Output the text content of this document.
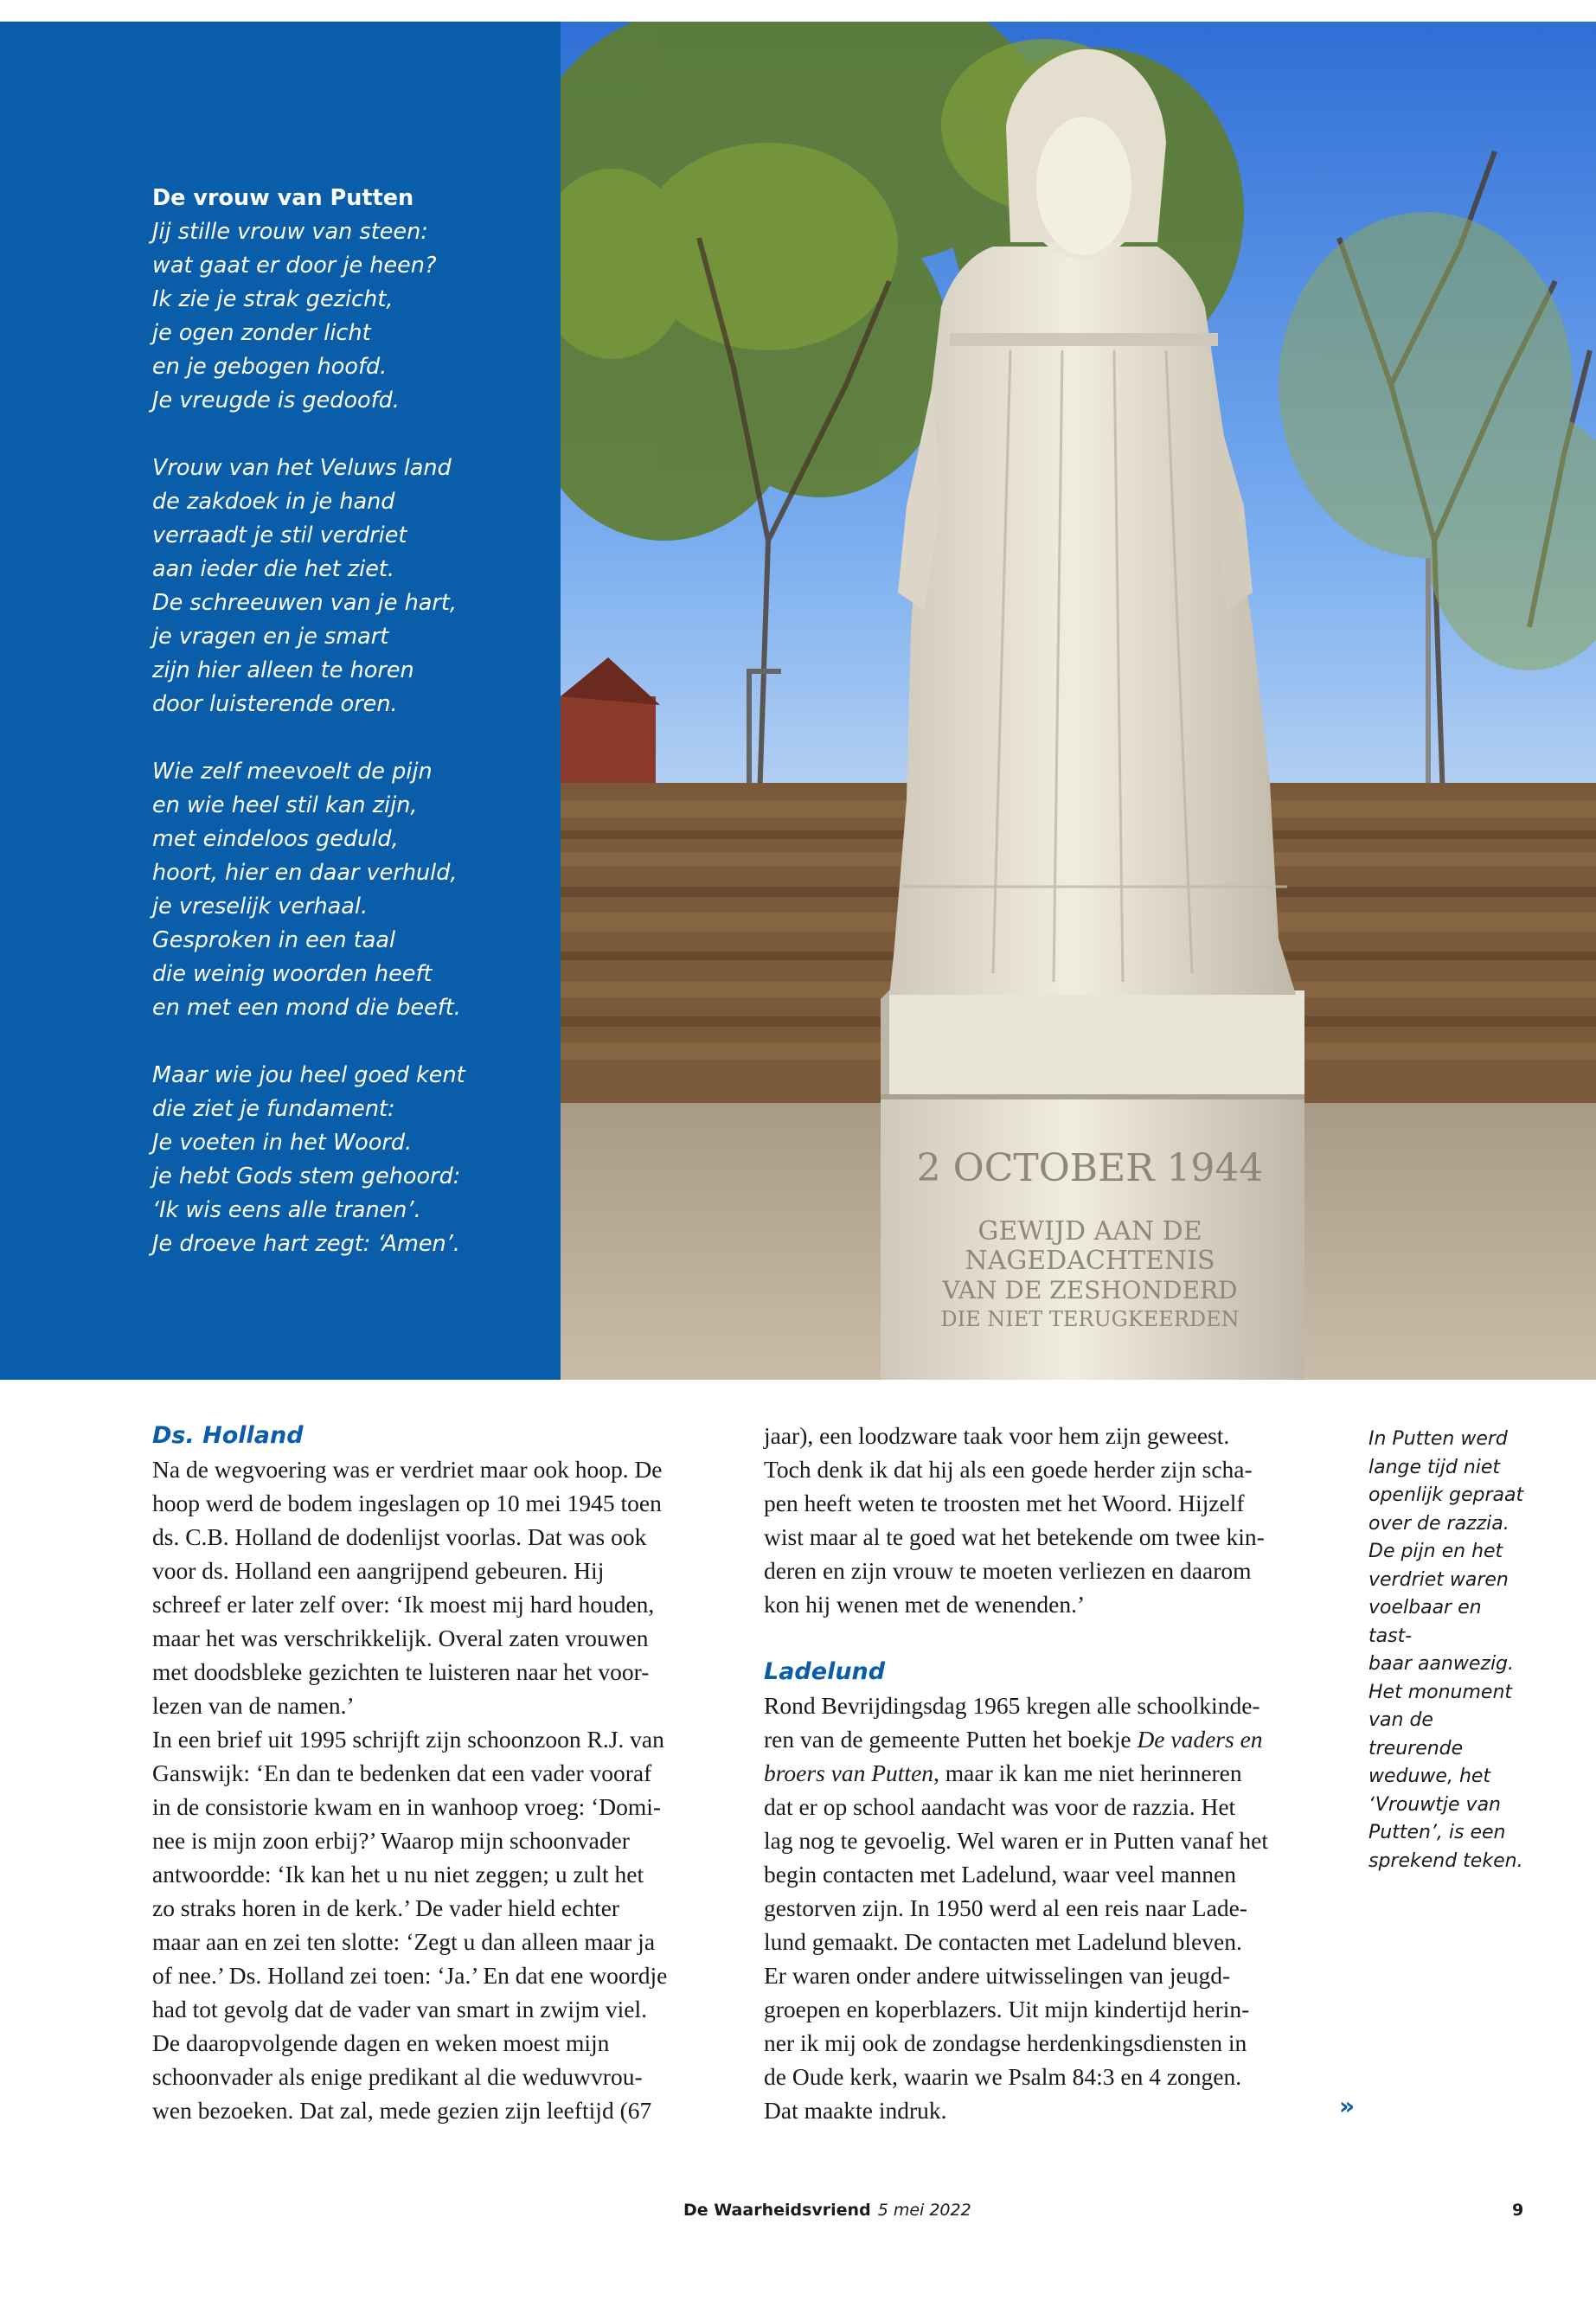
De vrouw van Putten
Jij stille vrouw van steen:
wat gaat er door je heen?
Ik zie je strak gezicht,
je ogen zonder licht
en je gebogen hoofd.
Je vreugde is gedoofd.
Vrouw van het Veluws land
de zakdoek in je hand
verraadt je stil verdriet
aan ieder die het ziet.
De schreeuwen van je hart,
je vragen en je smart
zijn hier alleen te horen
door luisterende oren.
Wie zelf meevoelt de pijn
en wie heel stil kan zijn,
met eindeloos geduld,
hoort, hier en daar verhuld,
je vreselijk verhaal.
Gesproken in een taal
die weinig woorden heeft
en met een mond die beeft.
Maar wie jou heel goed kent
die ziet je fundament:
Je voeten in het Woord.
je hebt Gods stem gehoord:
‘Ik wis eens alle tranen’.
Je droeve hart zegt: ‘Amen’.
2 OCTOBER 1944
GEWIJD AAN DE
NAGEDACHTENIS
VAN DE ZESHONDERD
DIE NIET TERUGKEERDEN
Ds. Holland
Na de wegvoering was er verdriet maar ook hoop. De
hoop werd de bodem ingeslagen op 10 mei 1945 toen
ds. C.B. Holland de dodenlijst voorlas. Dat was ook
voor ds. Holland een aangrijpend gebeuren. Hij
schreef er later zelf over: ‘Ik moest mij hard houden,
maar het was verschrikkelijk. Overal zaten vrouwen
met doodsbleke gezichten te luisteren naar het voor-
lezen van de namen.’
In een brief uit 1995 schrijft zijn schoonzoon R.J. van
Ganswijk: ‘En dan te bedenken dat een vader vooraf
in de consistorie kwam en in wanhoop vroeg: ‘Domi-
nee is mijn zoon erbij?’ Waarop mijn schoonvader
antwoordde: ‘Ik kan het u nu niet zeggen; u zult het
zo straks horen in de kerk.’ De vader hield echter
maar aan en zei ten slotte: ‘Zegt u dan alleen maar ja
of nee.’ Ds. Holland zei toen: ‘Ja.’ En dat ene woordje
had tot gevolg dat de vader van smart in zwijm viel.
De daaropvolgende dagen en weken moest mijn
schoonvader als enige predikant al die weduwvrou-
wen bezoeken. Dat zal, mede gezien zijn leeftijd (67
jaar), een loodzware taak voor hem zijn geweest.
Toch denk ik dat hij als een goede herder zijn scha-
pen heeft weten te troosten met het Woord. Hijzelf
wist maar al te goed wat het betekende om twee kin-
deren en zijn vrouw te moeten verliezen en daarom
kon hij wenen met de wenenden.’
Ladelund
Rond Bevrijdingsdag 1965 kregen alle schoolkinde-
ren van de gemeente Putten het boekje De vaders en
broers van Putten, maar ik kan me niet herinneren
dat er op school aandacht was voor de razzia. Het
lag nog te gevoelig. Wel waren er in Putten vanaf het
begin contacten met Ladelund, waar veel mannen
gestorven zijn. In 1950 werd al een reis naar Lade-
lund gemaakt. De contacten met Ladelund bleven.
Er waren onder andere uitwisselingen van jeugd-
groepen en koperblazers. Uit mijn kindertijd herin-
ner ik mij ook de zondagse herdenkingsdiensten in
de Oude kerk, waarin we Psalm 84:3 en 4 zongen.
Dat maakte indruk.
In Putten werd
lange tijd niet
openlijk gepraat
over de razzia.
De pijn en het
verdriet waren
voelbaar en tast-
baar aanwezig.
Het monument
van de treurende
weduwe, het
‘Vrouwtje van
Putten’, is een
sprekend teken.
»
De Waarheidsvriend 5 mei 2022	9
